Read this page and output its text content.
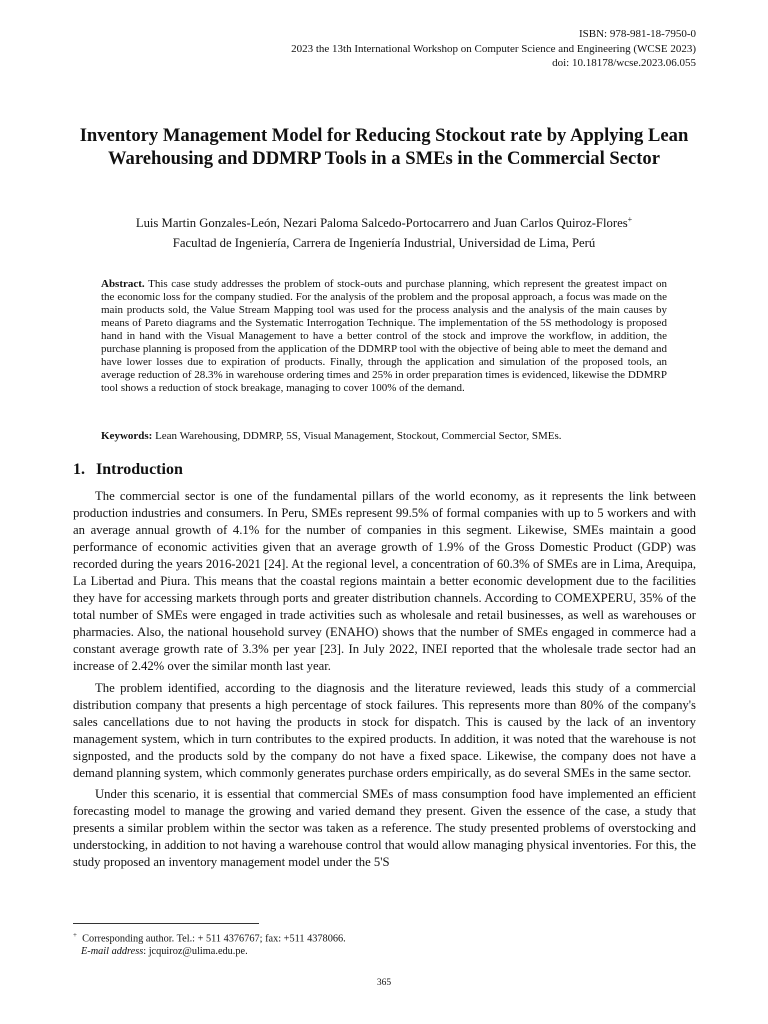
ISBN: 978-981-18-7950-0
2023 the 13th International Workshop on Computer Science and Engineering (WCSE 2023)
doi: 10.18178/wcse.2023.06.055
Inventory Management Model for Reducing Stockout rate by Applying Lean Warehousing and DDMRP Tools in a SMEs in the Commercial Sector
Luis Martin Gonzales-León, Nezari Paloma Salcedo-Portocarrero and Juan Carlos Quiroz-Flores+
Facultad de Ingeniería, Carrera de Ingeniería Industrial, Universidad de Lima, Perú

Abstract. This case study addresses the problem of stock-outs and purchase planning, which represent the greatest impact on the economic loss for the company studied. For the analysis of the problem and the proposal approach, a focus was made on the main products sold, the Value Stream Mapping tool was used for the process analysis and the analysis of the main causes by means of Pareto diagrams and the Systematic Interrogation Technique. The implementation of the 5S methodology is proposed hand in hand with the Visual Management to have a better control of the stock and improve the workflow, in addition, the purchase planning is proposed from the application of the DDMRP tool with the objective of being able to meet the demand and have lower losses due to expiration of products. Finally, through the application and simulation of the proposed tools, an average reduction of 28.3% in warehouse ordering times and 25% in order preparation times is evidenced, likewise the DDMRP tool shows a reduction of stock breakage, managing to cover 100% of the demand.

Keywords: Lean Warehousing, DDMRP, 5S, Visual Management, Stockout, Commercial Sector, SMEs.

1. Introduction

The commercial sector is one of the fundamental pillars of the world economy, as it represents the link between production industries and consumers. In Peru, SMEs represent 99.5% of formal companies with up to 5 workers and with an average annual growth of 4.1% for the number of companies in this segment. Likewise, SMEs maintain a good performance of economic activities given that an average growth of 1.9% of the Gross Domestic Product (GDP) was recorded during the years 2016-2021 [24]. At the regional level, a concentration of 60.3% of SMEs are in Lima, Arequipa, La Libertad and Piura. This means that the coastal regions maintain a better economic development due to the facilities they have for accessing markets through ports and greater distribution channels. According to COMEXPERU, 35% of the total number of SMEs were engaged in trade activities such as wholesale and retail businesses, as well as warehouses or pharmacies. Also, the national household survey (ENAHO) shows that the number of SMEs engaged in commerce had a constant average growth rate of 3.3% per year [23]. In July 2022, INEI reported that the wholesale trade sector had an increase of 2.42% over the similar month last year.

The problem identified, according to the diagnosis and the literature reviewed, leads this study of a commercial distribution company that presents a high percentage of stock failures. This represents more than 80% of the company's sales cancellations due to not having the products in stock for dispatch. This is caused by the lack of an inventory management system, which in turn contributes to the expired products. In addition, it was noted that the warehouse is not signposted, and the products sold by the company do not have a fixed space. Likewise, the company does not have a demand planning system, which commonly generates purchase orders empirically, as do several SMEs in the same sector.

Under this scenario, it is essential that commercial SMEs of mass consumption food have implemented an efficient forecasting model to manage the growing and varied demand they present. Given the essence of the case, a study that presents a similar problem within the sector was taken as a reference. The study presented problems of overstocking and understocking, in addition to not having a warehouse control that would allow managing physical inventories. For this, the study proposed an inventory management model under the 5'S

+ Corresponding author. Tel.: + 511 4376767; fax: +511 4378066.
E-mail address: jcquiroz@ulima.edu.pe.
365
